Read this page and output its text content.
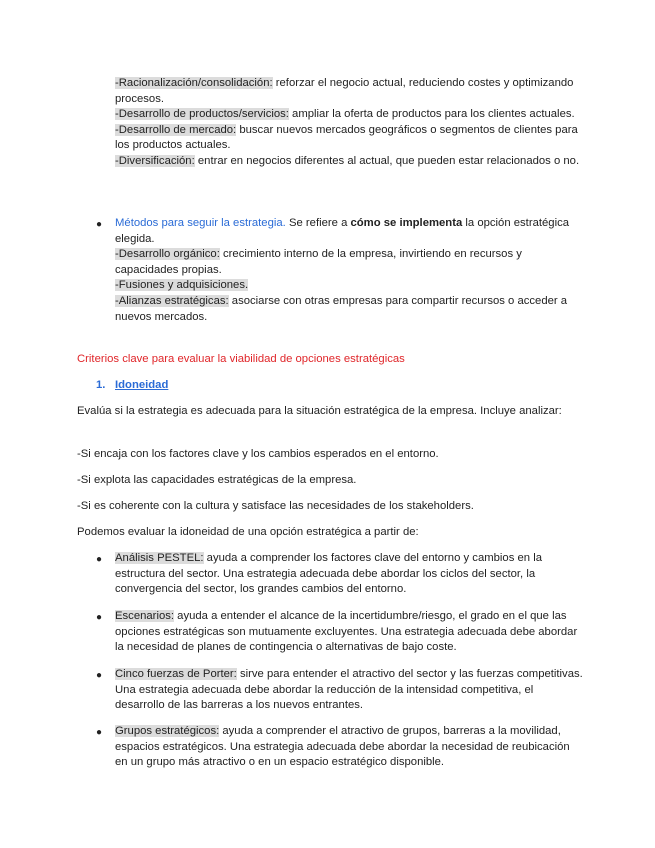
-Racionalización/consolidación: reforzar el negocio actual, reduciendo costes y optimizando procesos.

-Desarrollo de productos/servicios: ampliar la oferta de productos para los clientes actuales.

-Desarrollo de mercado: buscar nuevos mercados geográficos o segmentos de clientes para los productos actuales.

-Diversificación: entrar en negocios diferentes al actual, que pueden estar relacionados o no.

● Métodos para seguir la estrategia. Se refiere a cómo se implementa la opción estratégica elegida.

-Desarrollo orgánico: crecimiento interno de la empresa, invirtiendo en recursos y capacidades propias.

-Fusiones y adquisiciones.

-Alianzas estratégicas: asociarse con otras empresas para compartir recursos o acceder a nuevos mercados.

Criterios clave para evaluar la viabilidad de opciones estratégicas
1. Idoneidad
Evalúa si la estrategia es adecuada para la situación estratégica de la empresa. Incluye analizar:
-Si encaja con los factores clave y los cambios esperados en el entorno.
-Si explota las capacidades estratégicas de la empresa.
-Si es coherente con la cultura y satisface las necesidades de los stakeholders.
Podemos evaluar la idoneidad de una opción estratégica a partir de:
● Análisis PESTEL: ayuda a comprender los factores clave del entorno y cambios en la estructura del sector. Una estrategia adecuada debe abordar los ciclos del sector, la convergencia del sector, los grandes cambios del entorno.
● Escenarios: ayuda a entender el alcance de la incertidumbre/riesgo, el grado en el que las opciones estratégicas son mutuamente excluyentes. Una estrategia adecuada debe abordar la necesidad de planes de contingencia o alternativas de bajo coste.
● Cinco fuerzas de Porter: sirve para entender el atractivo del sector y las fuerzas competitivas. Una estrategia adecuada debe abordar la reducción de la intensidad competitiva, el desarrollo de las barreras a los nuevos entrantes.
● Grupos estratégicos: ayuda a comprender el atractivo de grupos, barreras a la movilidad, espacios estratégicos. Una estrategia adecuada debe abordar la necesidad de reubicación en un grupo más atractivo o en un espacio estratégico disponible.
